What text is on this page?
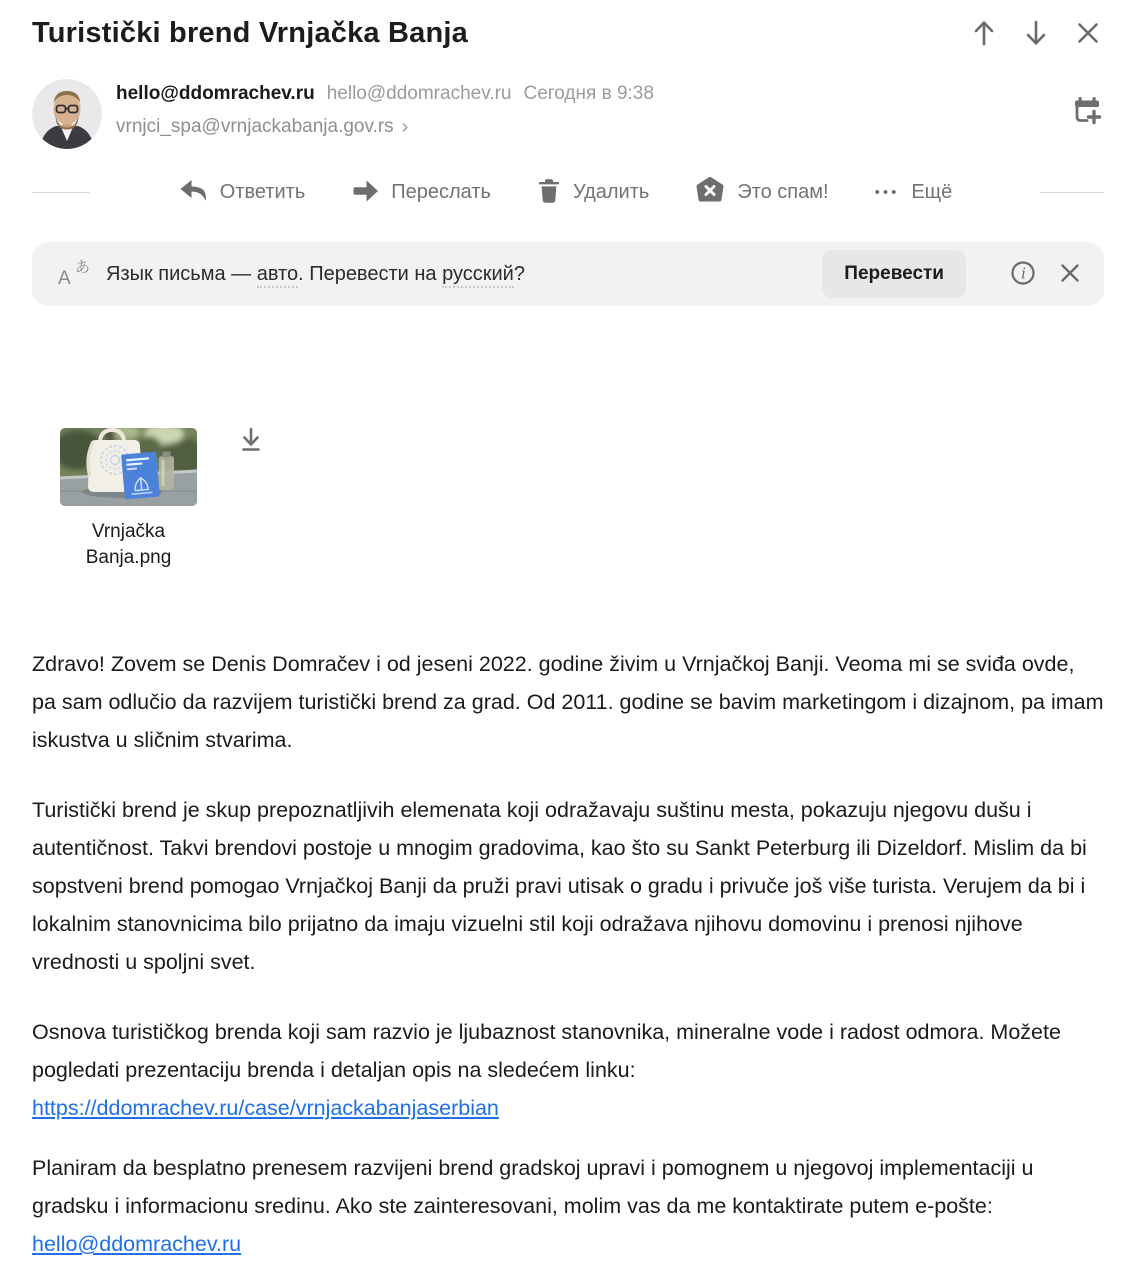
Turistički brend Vrnjačka Banja
hello@ddomrachev.ru hello@ddomrachev.ru Сегодня в 9:38
vrnjci_spa@vrnjackabanja.gov.rs ›
Ответить	Переслать	Удалить	Это спам!	••• Ещё
A
あ Язык письма — авто. Перевести на русский?	Перевести	i
Vrnjačka Banja.png

Zdravo! Zovem se Denis Domračev i od jeseni 2022. godine živim u Vrnjačkoj Banji. Veoma mi se sviđa ovde, pa sam odlučio da razvijem turistički brend za grad. Od 2011. godine se bavim marketingom i dizajnom, pa imam iskustva u sličnim stvarima.

Turistički brend je skup prepoznatljivih elemenata koji odražavaju suštinu mesta, pokazuju njegovu dušu i autentičnost. Takvi brendovi postoje u mnogim gradovima, kao što su Sankt Peterburg ili Dizeldorf. Mislim da bi sopstveni brend pomogao Vrnjačkoj Banji da pruži pravi utisak o gradu i privuče još više turista. Verujem da bi i lokalnim stanovnicima bilo prijatno da imaju vizuelni stil koji odražava njihovu domovinu i prenosi njihove vrednosti u spoljni svet.

Osnova turističkog brenda koji sam razvio je ljubaznost stanovnika, mineralne vode i radost odmora. Možete pogledati prezentaciju brenda i detaljan opis na sledećem linku: https://ddomrachev.ru/case/vrnjackabanjaserbian

Planiram da besplatno prenesem razvijeni brend gradskoj upravi i pomognem u njegovoj implementaciji u gradsku i informacionu sredinu. Ako ste zainteresovani, molim vas da me kontaktirate putem e-pošte: hello@ddomrachev.ru
